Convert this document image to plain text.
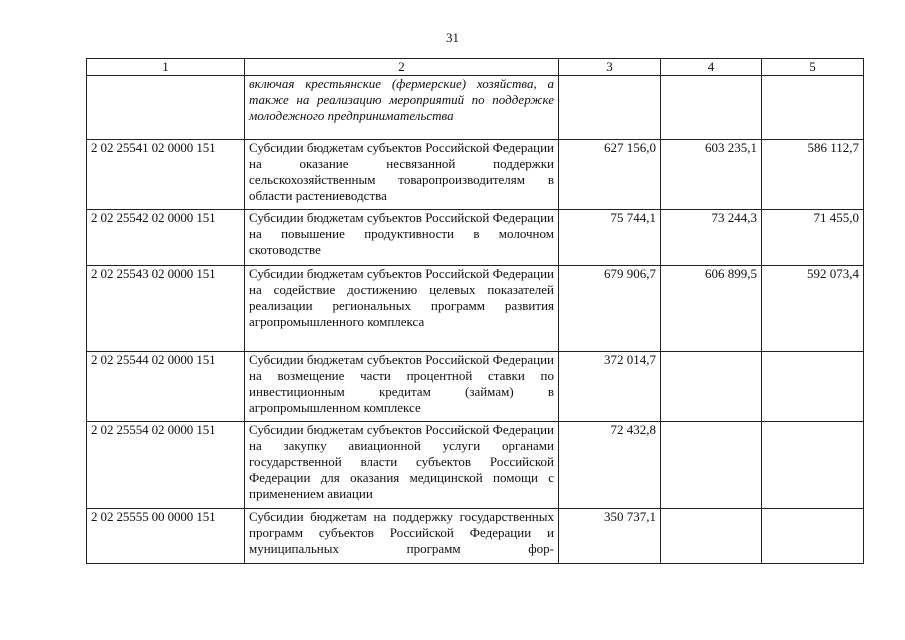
31
1	2	3	4	5
	включая крестьянские (фермерские) хозяйства, а также на реализацию мероприятий по поддержке молодежного предпринимательства			
2 02 25541 02 0000 151	Субсидии бюджетам субъектов Российской Федерации на оказание несвязанной поддержки сельскохозяйственным товаропроизводителям в области растениеводства	627 156,0	603 235,1	586 112,7
2 02 25542 02 0000 151	Субсидии бюджетам субъектов Российской Федерации на повышение продуктивности в молочном скотоводстве	75 744,1	73 244,3	71 455,0
2 02 25543 02 0000 151	Субсидии бюджетам субъектов Российской Федерации на содействие достижению целевых показателей реализации региональных программ развития агропромышленного комплекса	679 906,7	606 899,5	592 073,4
2 02 25544 02 0000 151	Субсидии бюджетам субъектов Российской Федерации на возмещение части процентной ставки по инвестиционным кредитам (займам) в агропромышленном комплексе	372 014,7		
2 02 25554 02 0000 151	Субсидии бюджетам субъектов Российской Федерации на закупку авиационной услуги органами государственной власти субъектов Российской Федерации для оказания медицинской помощи с применением авиации	72 432,8		
2 02 25555 00 0000 151	Субсидии бюджетам на поддержку государственных программ субъектов Российской Федерации и муниципальных программ фор-	350 737,1		
